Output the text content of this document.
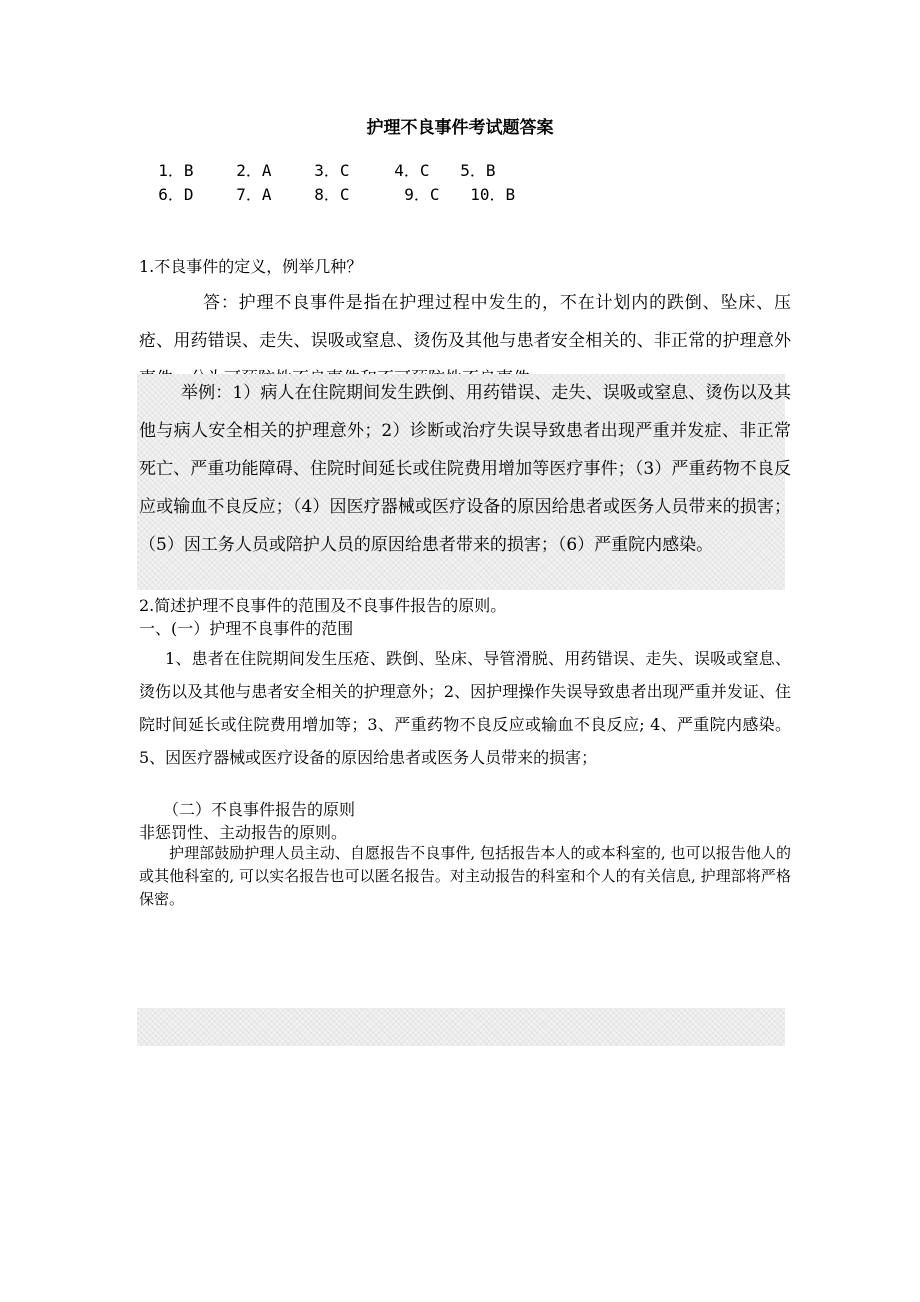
护理不良事件考试题答案

1．B	2．A	3．C	4．C 5．B

6．D	7．A	8．C	9．C 10．B

1.不良事件的定义，例举几种？
答：护理不良事件是指在护理过程中发生的，不在计划内的跌倒、坠床、压疮、用药错误、走失、误吸或窒息、烫伤及其他与患者安全相关的、非正常的护理意外
举例：1）病人在住院期间发生跌倒、用药错误、走失、误吸或窒息、烫伤以及其他与病人安全相关的护理意外；2）诊断或治疗失误导致患者出现严重并发症、非正常死亡、严重功能障碍、住院时间延长或住院费用增加等医疗事件；（3）严重药物不良反应或输血不良反应；（4）因医疗器械或医疗设备的原因给患者或医务人员带来的损害；（5）因工务人员或陪护人员的原因给患者带来的损害；（6）严重院内感染。
2.简述护理不良事件的范围及不良事件报告的原则。
一、(一）护理不良事件的范围
1、患者在住院期间发生压疮、跌倒、坠床、导管滑脱、用药错误、走失、误吸或窒息、烫伤以及其他与患者安全相关的护理意外；2、因护理操作失误导致患者出现严重并发证、住院时间延长或住院费用增加等；3、严重药物不良反应或输血不良反应; 4、严重院内感染。5、因医疗器械或医疗设备的原因给患者或医务人员带来的损害；
（二）不良事件报告的原则
非惩罚性、主动报告的原则。
护理部鼓励护理人员主动、自愿报告不良事件, 包括报告本人的或本科室的, 也可以报告他人的或其他科室的, 可以实名报告也可以匿名报告。对主动报告的科室和个人的有关信息, 护理部将严格保密。
